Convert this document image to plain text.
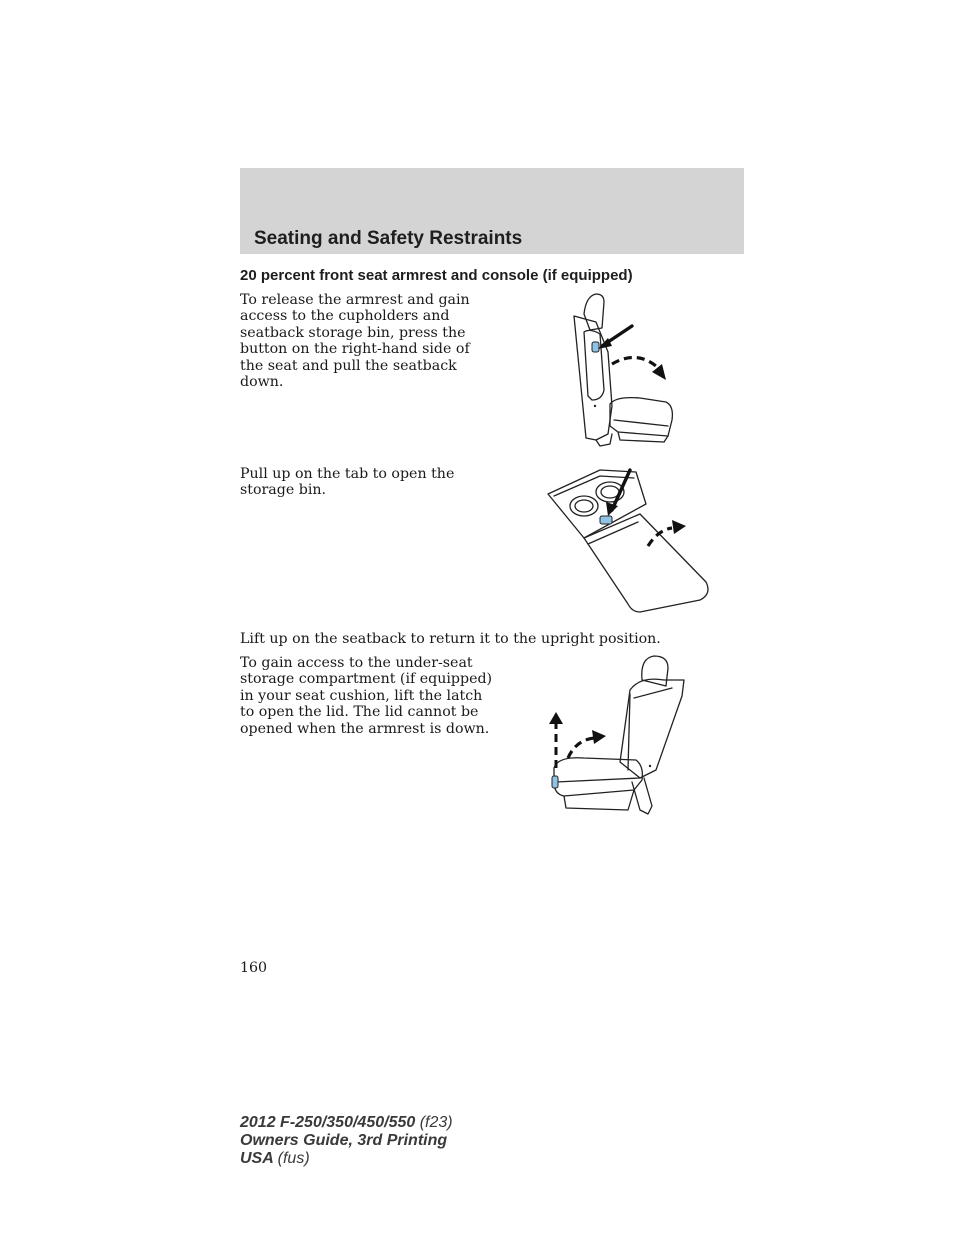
Seating and Safety Restraints
20 percent front seat armrest and console (if equipped)

To release the armrest and gain access to the cupholders and seatback storage bin, press the button on the right-hand side of the seat and pull the seatback down.

Pull up on the tab to open the storage bin.

Lift up on the seatback to return it to the upright position.

To gain access to the under-seat storage compartment (if equipped) in your seat cushion, lift the latch to open the lid. The lid cannot be opened when the armrest is down.

160

2012 F-250/350/450/550 (f23)
Owners Guide, 3rd Printing
USA (fus)
